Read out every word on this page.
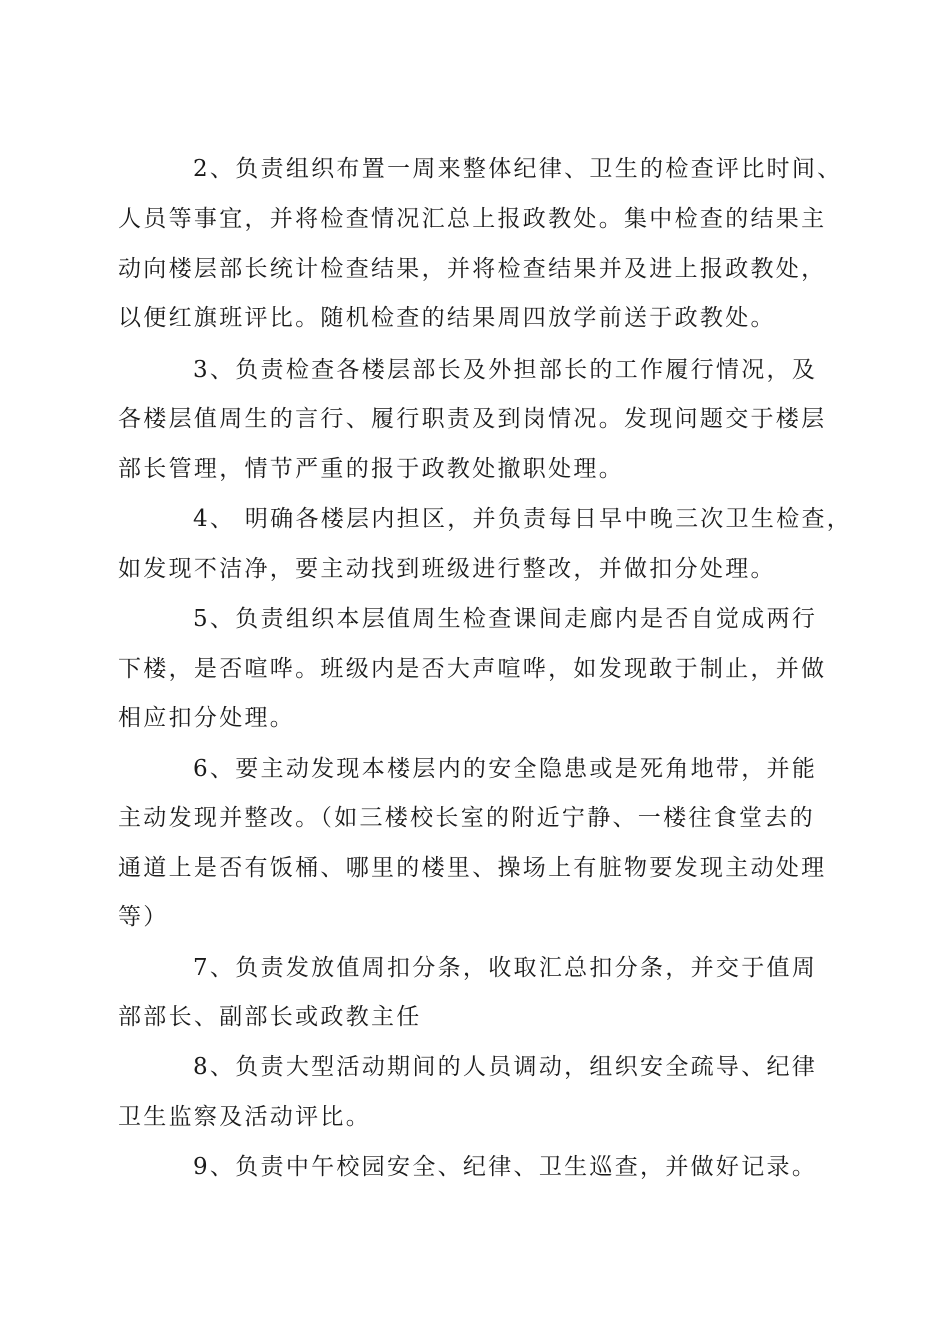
2、负责组织布置一周来整体纪律、卫生的检查评比时间、
人员等事宜，并将检查情况汇总上报政教处。集中检查的结果主
动向楼层部长统计检查结果，并将检查结果并及进上报政教处，
以便红旗班评比。随机检查的结果周四放学前送于政教处。
3、负责检查各楼层部长及外担部长的工作履行情况，及
各楼层值周生的言行、履行职责及到岗情况。发现问题交于楼层
部长管理，情节严重的报于政教处撤职处理。
4、 明确各楼层内担区，并负责每日早中晚三次卫生检查，
如发现不洁净，要主动找到班级进行整改，并做扣分处理。
5、负责组织本层值周生检查课间走廊内是否自觉成两行
下楼，是否喧哗。班级内是否大声喧哗，如发现敢于制止，并做
相应扣分处理。
6、要主动发现本楼层内的安全隐患或是死角地带，并能
主动发现并整改。（如三楼校长室的附近宁静、一楼往食堂去的
通道上是否有饭桶、哪里的楼里、操场上有脏物要发现主动处理
等）
7、负责发放值周扣分条，收取汇总扣分条，并交于值周
部部长、副部长或政教主任
8、负责大型活动期间的人员调动，组织安全疏导、纪律
卫生监察及活动评比。
9、负责中午校园安全、纪律、卫生巡查，并做好记录。
